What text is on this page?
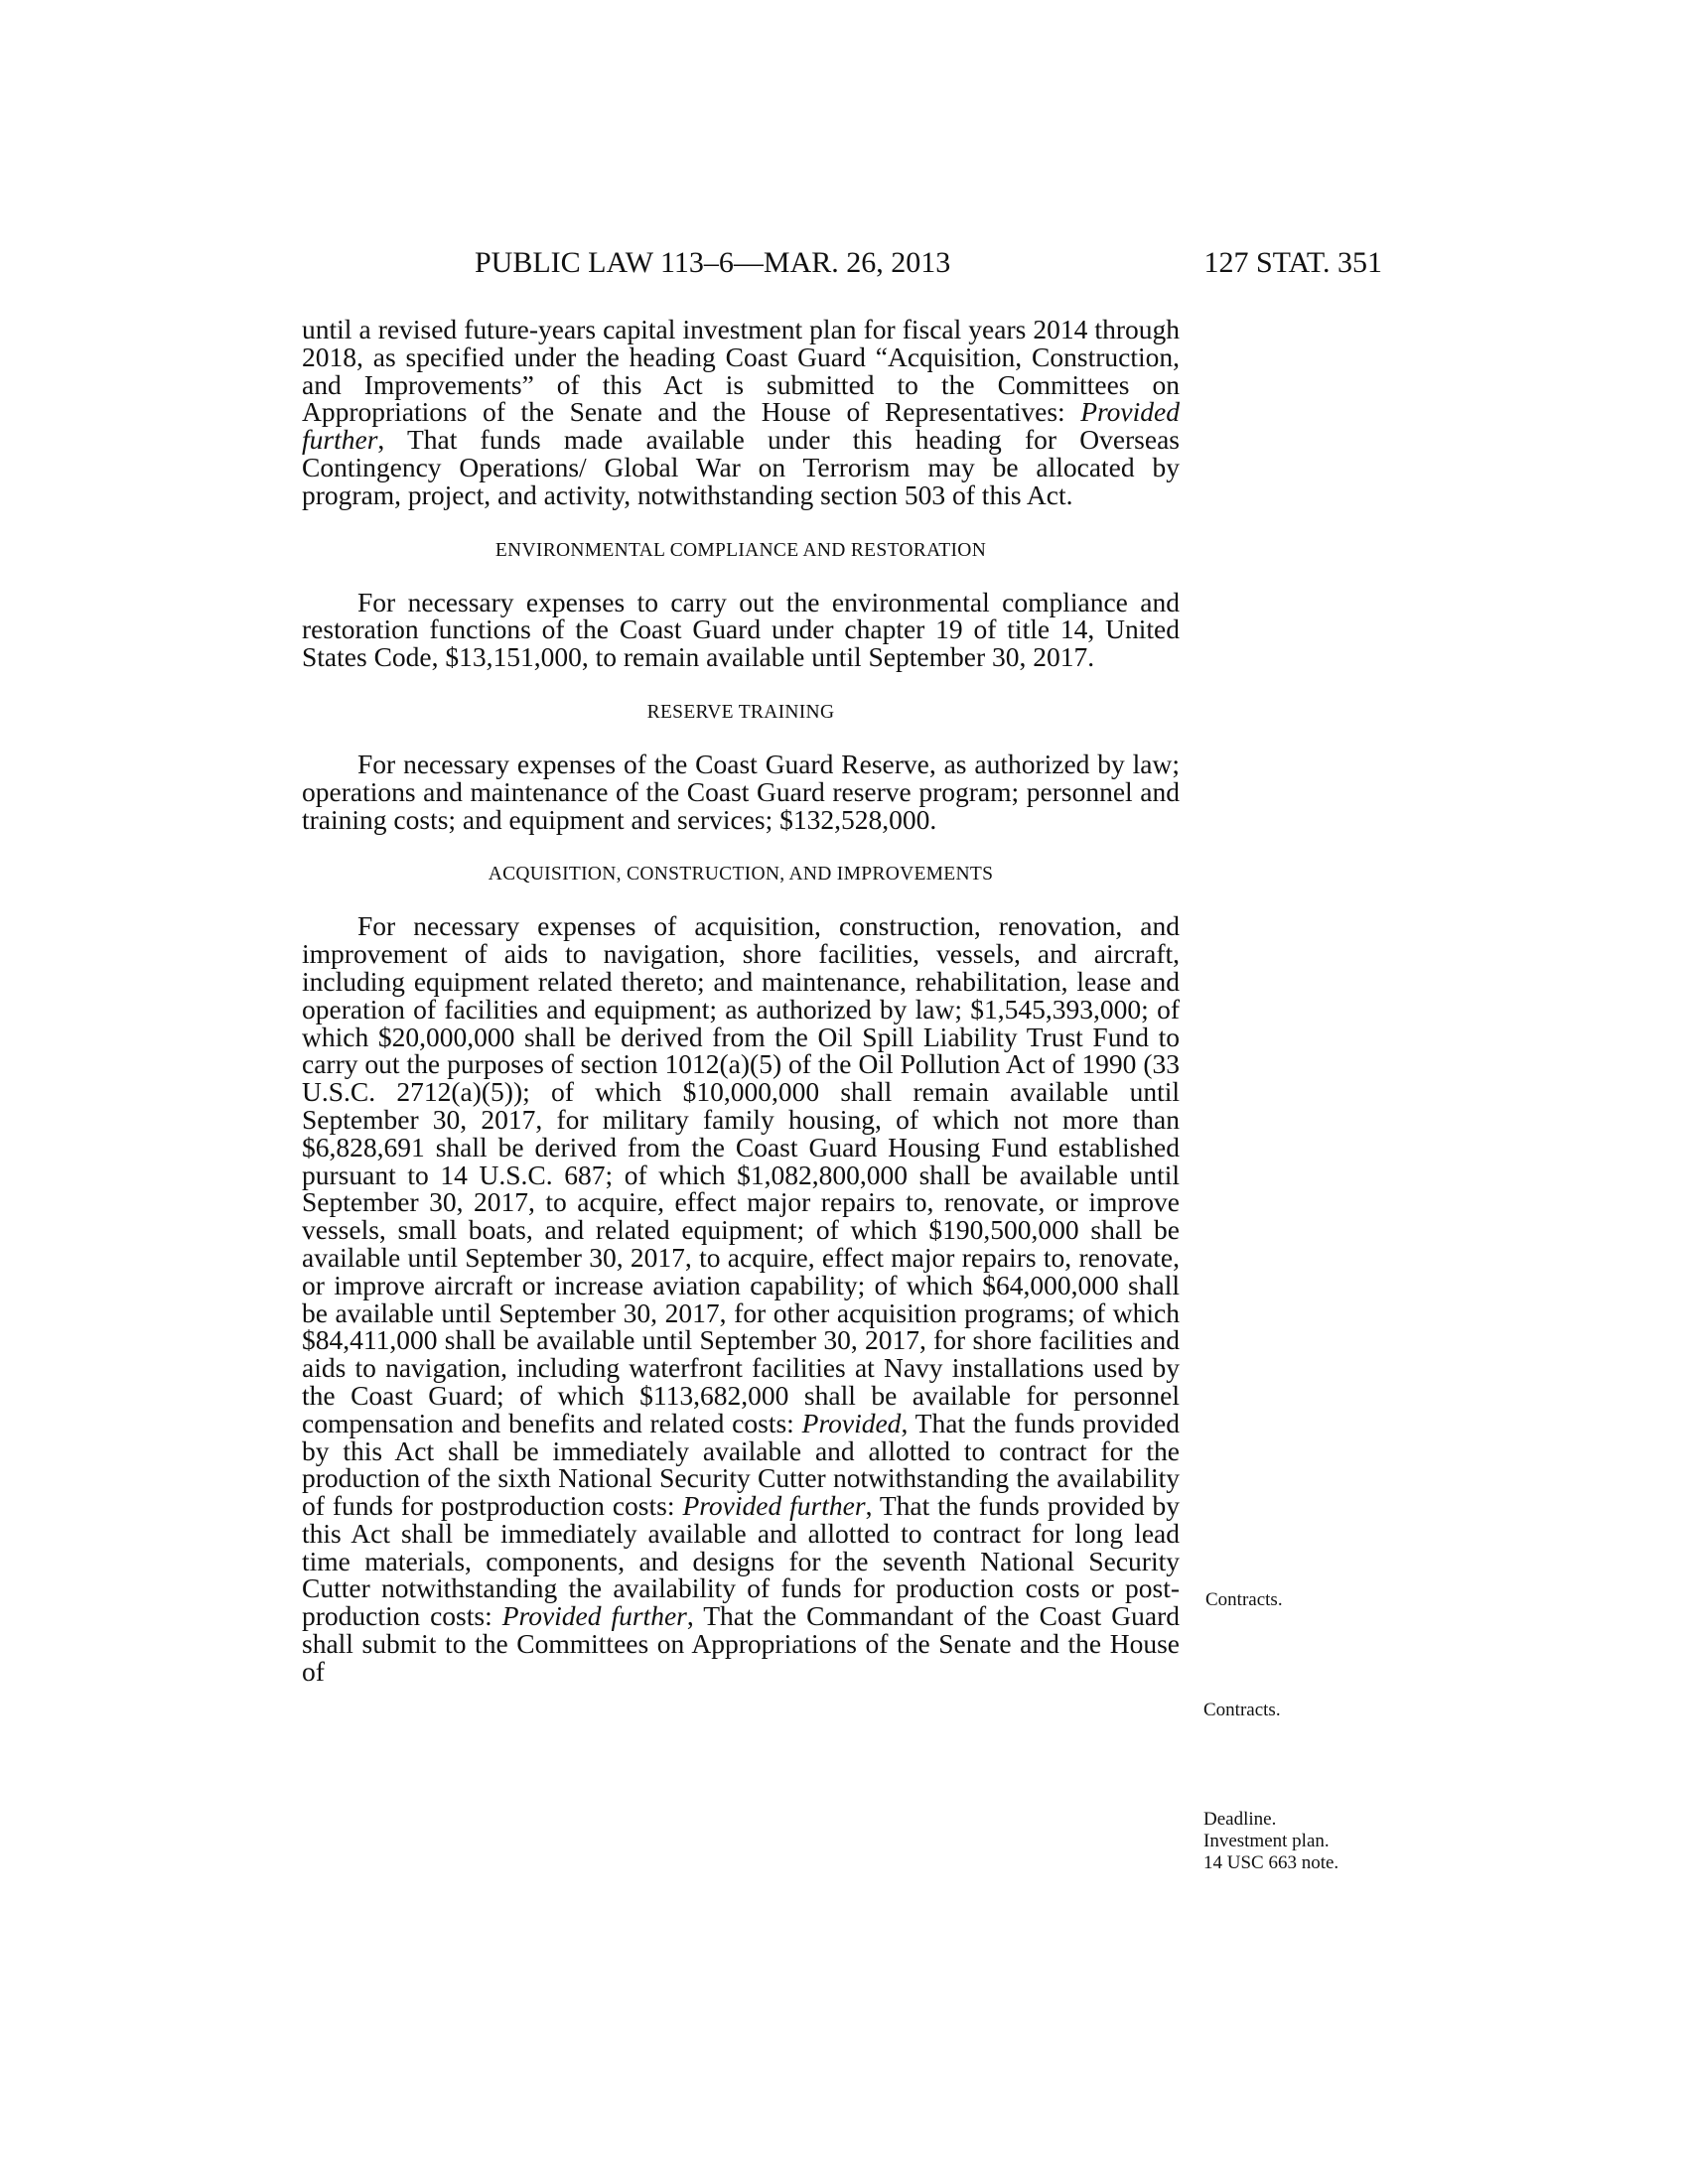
PUBLIC LAW 113–6—MAR. 26, 2013	127 STAT. 351

until a revised future-years capital investment plan for fiscal years 2014 through 2018, as specified under the heading Coast Guard “Acquisition, Construction, and Improvements” of this Act is submitted to the Committees on Appropriations of the Senate and the House of Representatives: Provided further, That funds made available under this heading for Overseas Contingency Operations/ Global War on Terrorism may be allocated by program, project, and activity, notwithstanding section 503 of this Act.

ENVIRONMENTAL COMPLIANCE AND RESTORATION

For necessary expenses to carry out the environmental compliance and restoration functions of the Coast Guard under chapter 19 of title 14, United States Code, $13,151,000, to remain available until September 30, 2017.

RESERVE TRAINING

For necessary expenses of the Coast Guard Reserve, as authorized by law; operations and maintenance of the Coast Guard reserve program; personnel and training costs; and equipment and services; $132,528,000.

ACQUISITION, CONSTRUCTION, AND IMPROVEMENTS

For necessary expenses of acquisition, construction, renovation, and improvement of aids to navigation, shore facilities, vessels, and aircraft, including equipment related thereto; and maintenance, rehabilitation, lease and operation of facilities and equipment; as authorized by law; $1,545,393,000; of which $20,000,000 shall be derived from the Oil Spill Liability Trust Fund to carry out the purposes of section 1012(a)(5) of the Oil Pollution Act of 1990 (33 U.S.C. 2712(a)(5)); of which $10,000,000 shall remain available until September 30, 2017, for military family housing, of which not more than $6,828,691 shall be derived from the Coast Guard Housing Fund established pursuant to 14 U.S.C. 687; of which $1,082,800,000 shall be available until September 30, 2017, to acquire, effect major repairs to, renovate, or improve vessels, small boats, and related equipment; of which $190,500,000 shall be available until September 30, 2017, to acquire, effect major repairs to, renovate, or improve aircraft or increase aviation capability; of which $64,000,000 shall be available until September 30, 2017, for other acquisition programs; of which $84,411,000 shall be available until September 30, 2017, for shore facilities and aids to navigation, including waterfront facilities at Navy installations used by the Coast Guard; of which $113,682,000 shall be available for personnel compensation and benefits and related costs: Provided, That the funds provided by this Act shall be immediately available and allotted to contract for the production of the sixth National Security Cutter notwithstanding the availability of funds for postproduction costs: Provided further, That the funds provided by this Act shall be immediately available and allotted to contract for long lead time materials, components, and designs for the seventh National Security Cutter notwithstanding the availability of funds for production costs or post-production costs: Provided further, That the Commandant of the Coast Guard shall submit to the Committees on Appropriations of the Senate and the House of

Contracts.
Contracts.
Deadline.
Investment plan.
14 USC 663 note.
